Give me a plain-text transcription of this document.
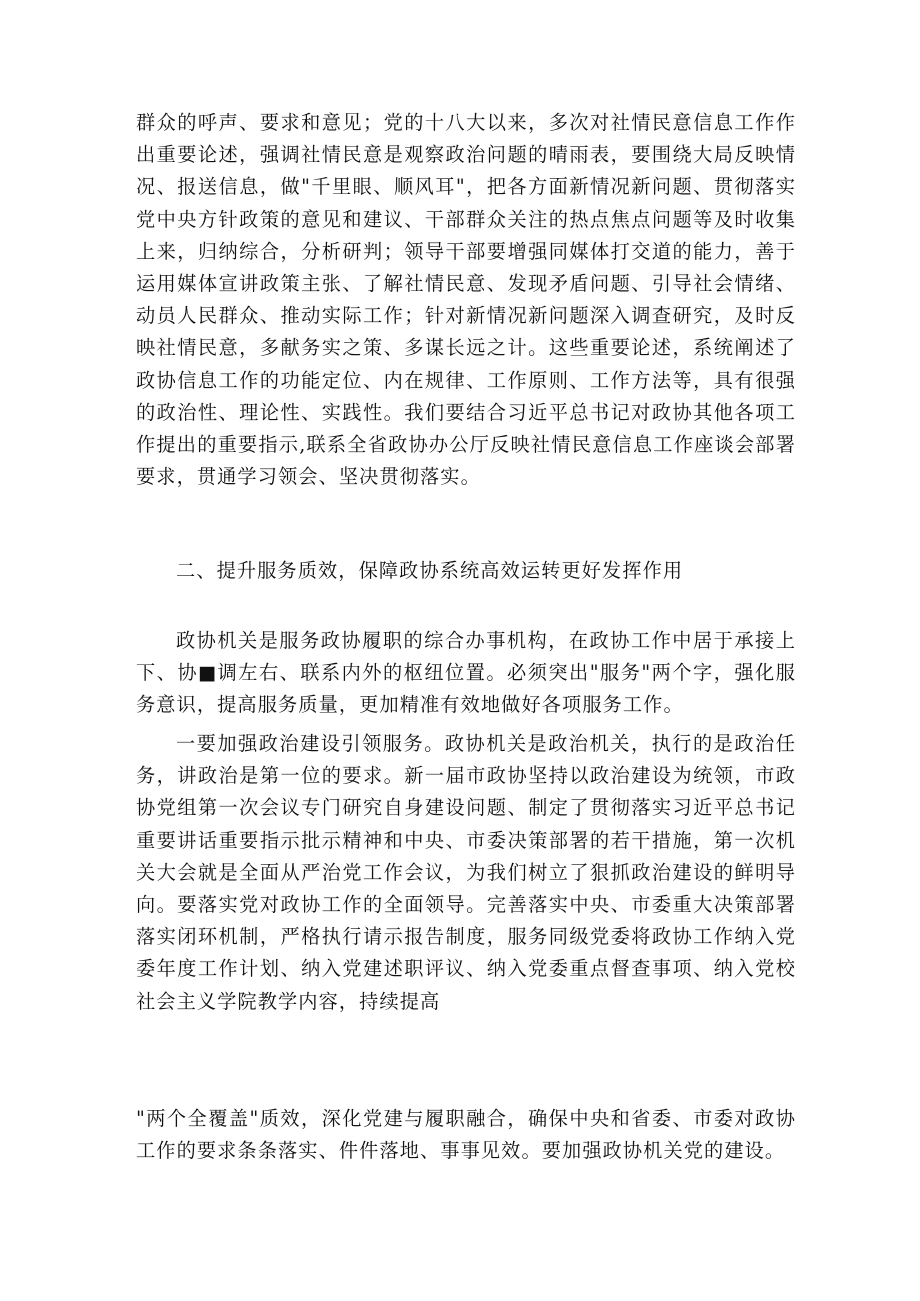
群众的呼声、要求和意见；党的十八大以来，多次对社情民意信息工作作出重要论述，强调社情民意是观察政治问题的晴雨表，要围绕大局反映情况、报送信息，做"千里眼、顺风耳"，把各方面新情况新问题、贯彻落实党中央方针政策的意见和建议、干部群众关注的热点焦点问题等及时收集上来，归纳综合，分析研判；领导干部要增强同媒体打交道的能力，善于运用媒体宣讲政策主张、了解社情民意、发现矛盾问题、引导社会情绪、动员人民群众、推动实际工作；针对新情况新问题深入调查研究，及时反映社情民意，多献务实之策、多谋长远之计。这些重要论述，系统阐述了政协信息工作的功能定位、内在规律、工作原则、工作方法等，具有很强的政治性、理论性、实践性。我们要结合习近平总书记对政协其他各项工作提出的重要指示,联系全省政协办公厅反映社情民意信息工作座谈会部署要求，贯通学习领会、坚决贯彻落实。

二、提升服务质效，保障政协系统高效运转更好发挥作用

政协机关是服务政协履职的综合办事机构，在政协工作中居于承接上下、协■调左右、联系内外的枢纽位置。必须突出"服务"两个字，强化服务意识，提高服务质量，更加精准有效地做好各项服务工作。

一要加强政治建设引领服务。政协机关是政治机关，执行的是政治任务，讲政治是第一位的要求。新一届市政协坚持以政治建设为统领，市政协党组第一次会议专门研究自身建设问题、制定了贯彻落实习近平总书记重要讲话重要指示批示精神和中央、市委决策部署的若干措施，第一次机关大会就是全面从严治党工作会议，为我们树立了狠抓政治建设的鲜明导向。要落实党对政协工作的全面领导。完善落实中央、市委重大决策部署落实闭环机制，严格执行请示报告制度，服务同级党委将政协工作纳入党委年度工作计划、纳入党建述职评议、纳入党委重点督查事项、纳入党校社会主义学院教学内容，持续提高

"两个全覆盖"质效，深化党建与履职融合，确保中央和省委、市委对政协工作的要求条条落实、件件落地、事事见效。要加强政协机关党的建设。
